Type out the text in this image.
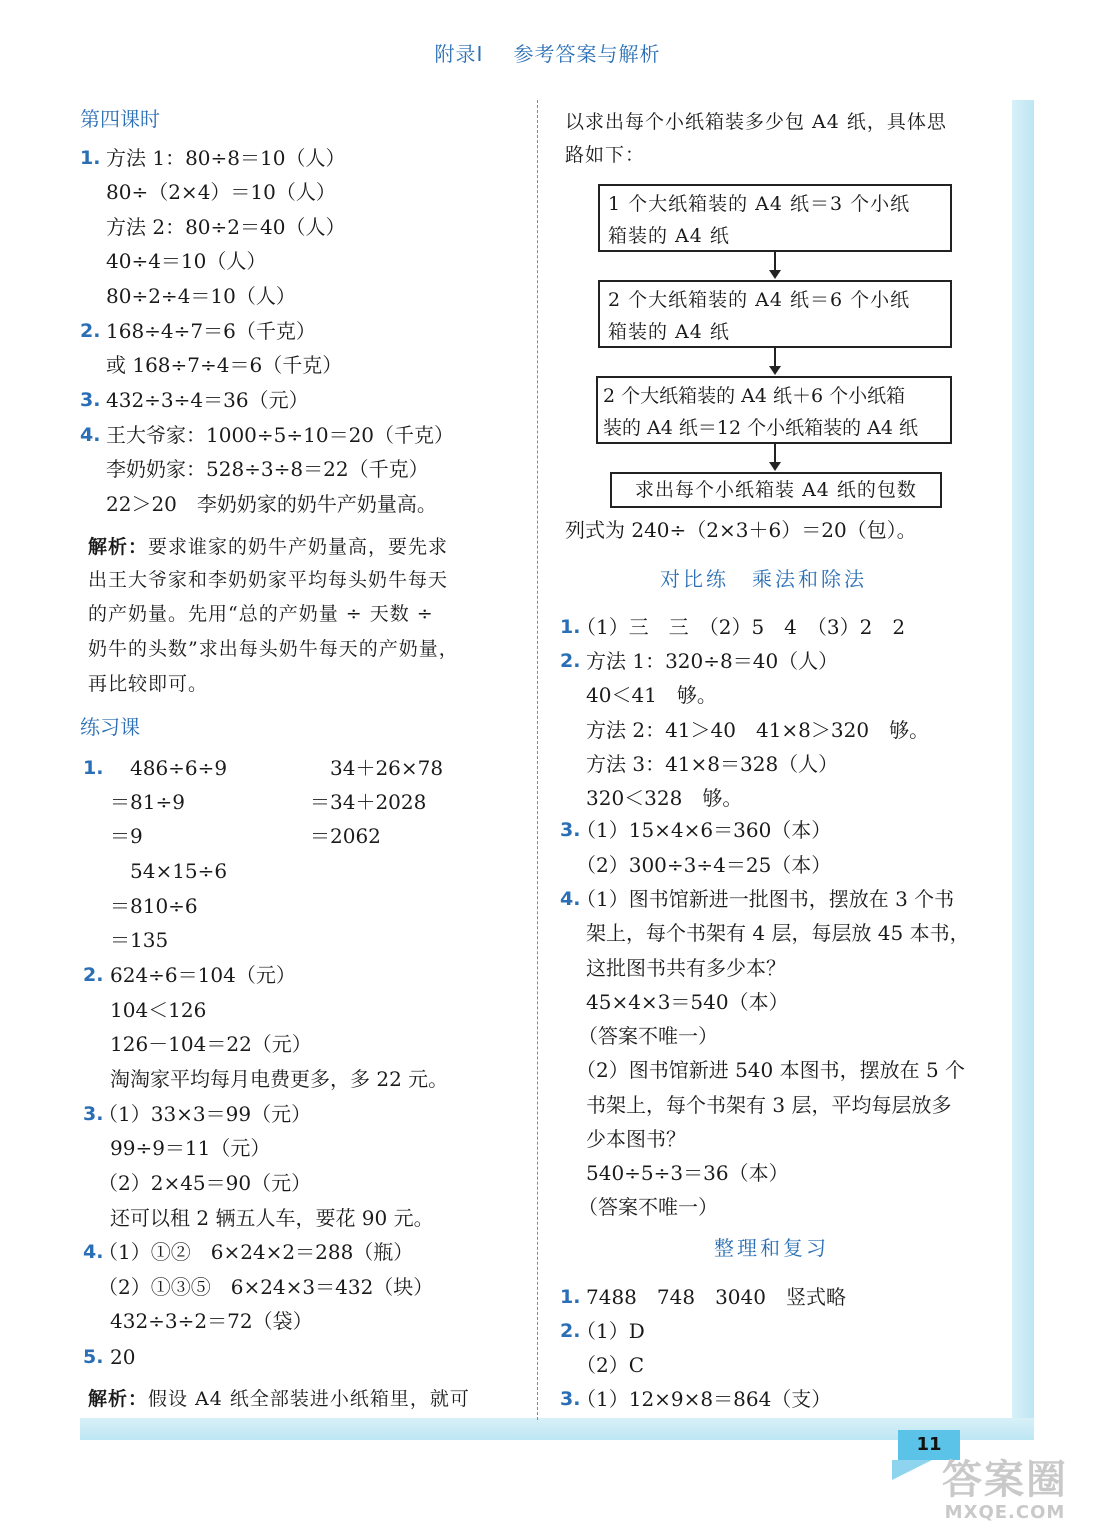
附录Ⅰ 参考答案与解析
第四课时
1. 方法 1：80÷8＝10（人）
80÷（2×4）＝10（人）
方法 2：80÷2＝40（人）
40÷4＝10（人）
80÷2÷4＝10（人）
2. 168÷4÷7＝6（千克）
或 168÷7÷4＝6（千克）
3. 432÷3÷4＝36（元）
4. 王大爷家：1000÷5÷10＝20（千克）
李奶奶家：528÷3÷8＝22（千克）
22＞20　李奶奶家的奶牛产奶量高。
解析：要求谁家的奶牛产奶量高，要先求
出王大爷家和李奶奶家平均每头奶牛每天
的产奶量。先用“总的产奶量 ÷ 天数 ÷
奶牛的头数”求出每头奶牛每天的产奶量，
再比较即可。
练习课
1. 486÷6÷9
＝81÷9
＝9
34＋26×78
＝34＋2028
＝2062
54×15÷6
＝810÷6
＝135
2. 624÷6＝104（元）
104＜126
126－104＝22（元）
淘淘家平均每月电费更多，多 22 元。
3.
（1）33×3＝99（元）
99÷9＝11（元）
（2）2×45＝90（元）
还可以租 2 辆五人车，要花 90 元。
4.
（1）①②　6×24×2＝288（瓶）
（2）①③⑤　6×24×3＝432（块）
432÷3÷2＝72（袋）
5. 20
解析：假设 A4 纸全部装进小纸箱里，就可
以求出每个小纸箱装多少包 A4 纸，具体思
路如下：
1 个大纸箱装的 A4 纸＝3 个小纸
箱装的 A4 纸
2 个大纸箱装的 A4 纸＝6 个小纸
箱装的 A4 纸
2 个大纸箱装的 A4 纸＋6 个小纸箱
装的 A4 纸＝12 个小纸箱装的 A4 纸
求出每个小纸箱装 A4 纸的包数
列式为 240÷（2×3＋6）＝20（包）。
对比练　乘法和除法
1.
（1）三　三　（2）5　4　（3）2　2
2. 方法 1：320÷8＝40（人）
40＜41　够。
方法 2：41＞40　41×8＞320　够。
方法 3：41×8＝328（人）
320＜328　够。
3.
（1）15×4×6＝360（本）
（2）300÷3÷4＝25（本）
4.
（1）图书馆新进一批图书，摆放在 3 个书
架上，每个书架有 4 层，每层放 45 本书，
这批图书共有多少本？
45×4×3＝540（本）
（答案不唯一）
（2）图书馆新进 540 本图书，摆放在 5 个
书架上，每个书架有 3 层，平均每层放多
少本图书？
540÷5÷3＝36（本）
（答案不唯一）
整理和复习
1. 7488　748　3040　竖式略
2.
（1）D
（2）C
3.
（1）12×9×8＝864（支）
11
答案圈
MXQE.COM
